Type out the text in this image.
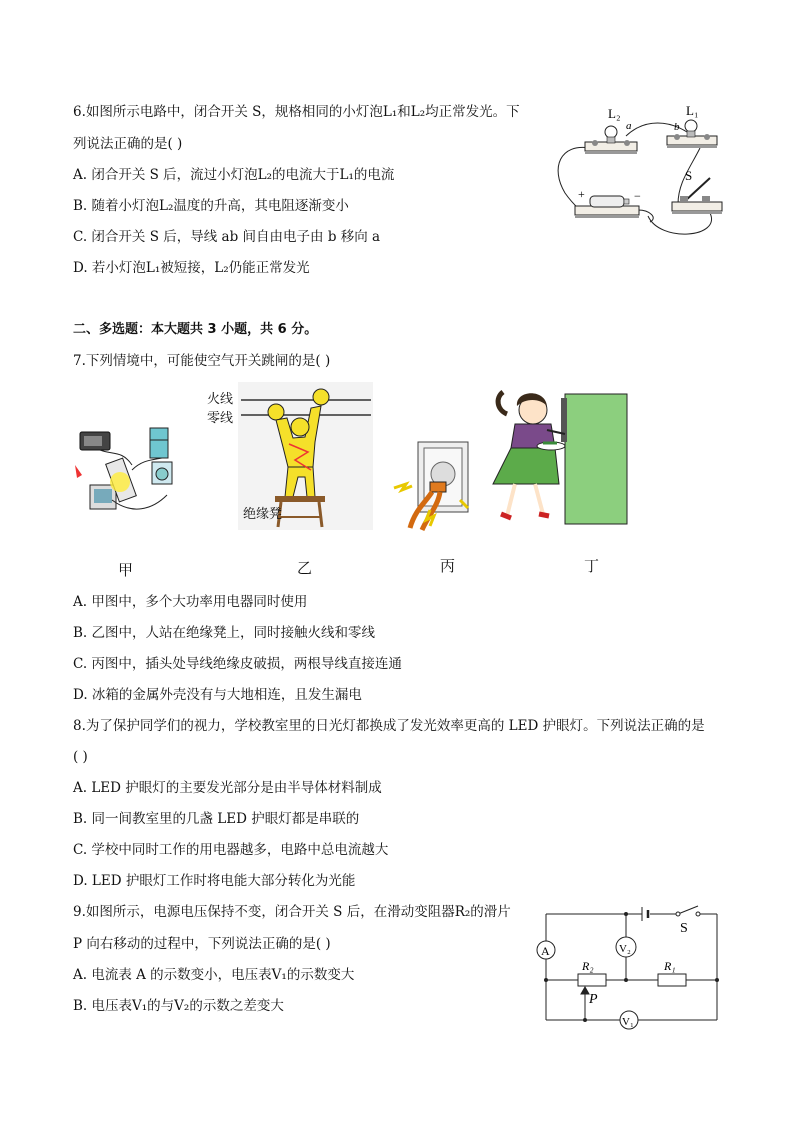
6.如图所示电路中，闭合开关 S，规格相同的小灯泡L₁和L₂均正常发光。下
列说法正确的是( )
A. 闭合开关 S 后，流过小灯泡L₂的电流大于L₁的电流
B. 随着小灯泡L₂温度的升高，其电阻逐渐变小
C. 闭合开关 S 后，导线 ab 间自由电子由 b 移向 a
D. 若小灯泡L₁被短接，L₂仍能正常发光
L₂	L₁
a	b
S
+	−
二、多选题：本大题共 3 小题，共 6 分。
7.下列情境中，可能使空气开关跳闸的是( )
火线
零线
绝缘凳
甲	乙	丙	丁
A. 甲图中，多个大功率用电器同时使用
B. 乙图中，人站在绝缘凳上，同时接触火线和零线
C. 丙图中，插头处导线绝缘皮破损，两根导线直接连通
D. 冰箱的金属外壳没有与大地相连，且发生漏电
8.为了保护同学们的视力，学校教室里的日光灯都换成了发光效率更高的 LED 护眼灯。下列说法正确的是
( )
A. LED 护眼灯的主要发光部分是由半导体材料制成
B. 同一间教室里的几盏 LED 护眼灯都是串联的
C. 学校中同时工作的用电器越多，电路中总电流越大
D. LED 护眼灯工作时将电能大部分转化为光能
9.如图所示，电源电压保持不变，闭合开关 S 后，在滑动变阻器R₂的滑片
P 向右移动的过程中，下列说法正确的是( )
A. 电流表 A 的示数变小，电压表V₁的示数变大
B. 电压表V₁的与V₂的示数之差变大
A	V₂
V₁
R₂	R₁
P
S
